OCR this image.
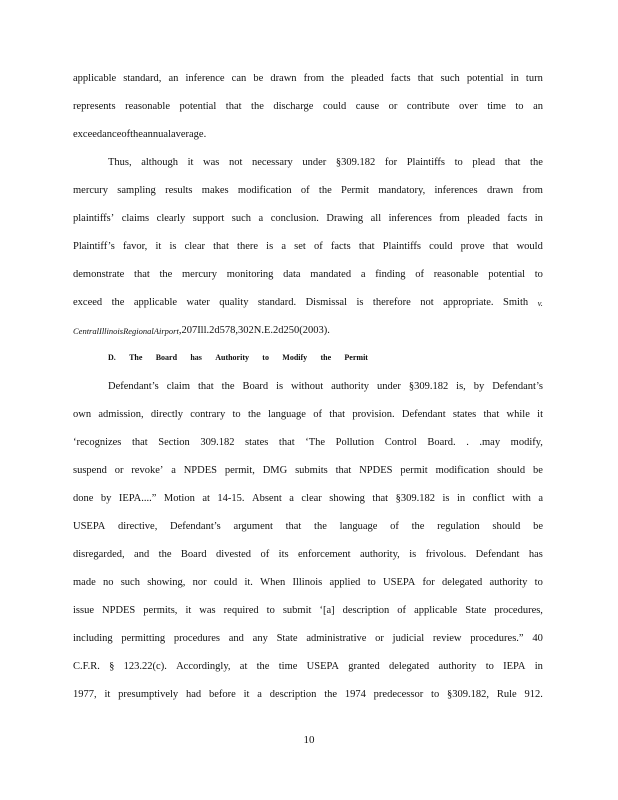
applicable standard, an inference can be drawn from the pleaded facts that such potential in turn
represents reasonable potential that the discharge could cause or contribute over time to an
exceedance of the annual average.
Thus, although it was not necessary under §309.182 for Plaintiffs to plead that the
mercury sampling results makes modification of the Permit mandatory, inferences drawn from
plaintiffs’ claims clearly support such a conclusion. Drawing all inferences from pleaded facts in
Plaintiff’s favor, it is clear that there is a set of facts that Plaintiffs could prove that would
demonstrate that the mercury monitoring data mandated a finding of reasonable potential to
exceed the applicable water quality standard. Dismissal is therefore not appropriate. Smith v.
Central Illinois Regional Airport , 207 Ill.2d 578, 302 N.E.2d 250 (2003).
Defendant’s claim that the Board is without authority under §309.182 is, by Defendant’s
own admission, directly contrary to the language of that provision. Defendant states that while it
‘recognizes that Section 309.182 states that ‘The Pollution Control Board. . .may modify,
suspend or revoke’ a NPDES permit, DMG submits that NPDES permit modification should be
done by IEPA....” Motion at 14-15. Absent a clear showing that §309.182 is in conflict with a
USEPA directive, Defendant’s argument that the language of the regulation should be
disregarded, and the Board divested of its enforcement authority, is frivolous. Defendant has
made no such showing, nor could it. When Illinois applied to USEPA for delegated authority to
issue NPDES permits, it was required to submit ‘[a] description of applicable State procedures,
including permitting procedures and any State administrative or judicial review procedures.” 40
C.F.R. § 123.22(c). Accordingly, at the time USEPA granted delegated authority to IEPA in
1977, it presumptively had before it a description the 1974 predecessor to §309.182, Rule 912.
D. The Board has Authority to Modify the Permit
10
